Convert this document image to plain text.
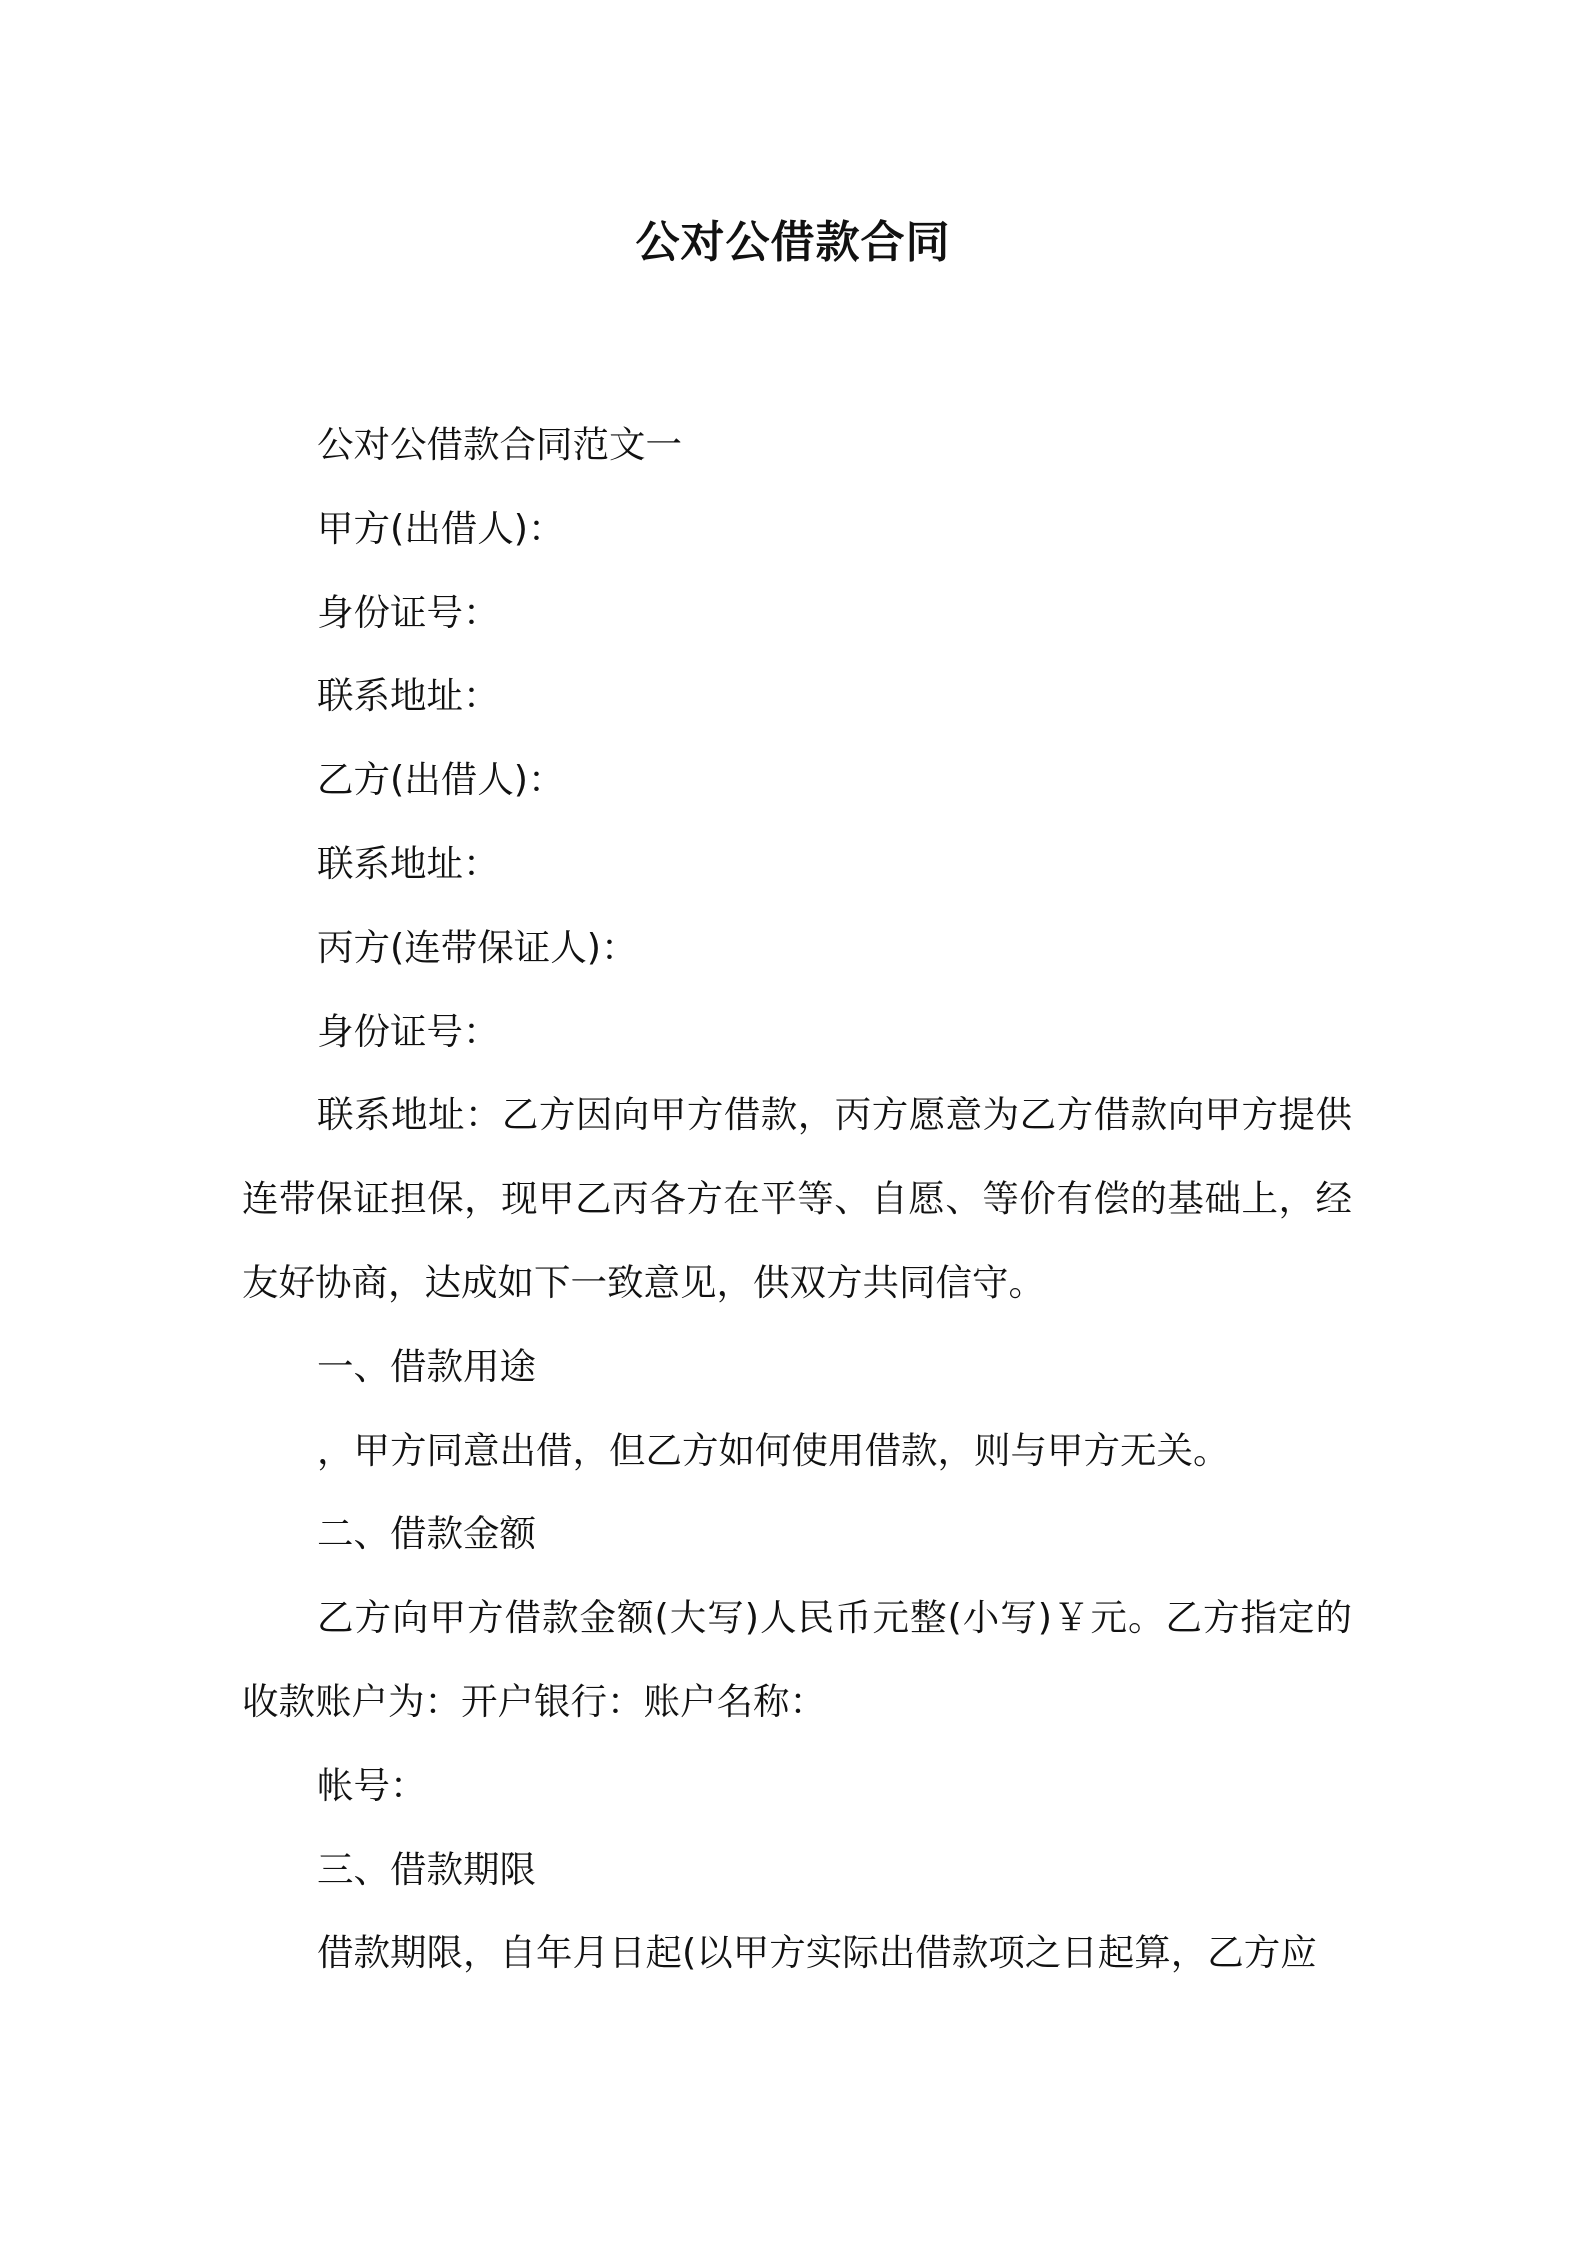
公对公借款合同

公对公借款合同范文一

甲方(出借人)：

身份证号：

联系地址：

乙方(出借人)：

联系地址：

丙方(连带保证人)：

身份证号：

联系地址：乙方因向甲方借款，丙方愿意为乙方借款向甲方提供连带保证担保，现甲乙丙各方在平等、自愿、等价有偿的基础上，经友好协商，达成如下一致意见，供双方共同信守。

一、借款用途

，甲方同意出借，但乙方如何使用借款，则与甲方无关。

二、借款金额

乙方向甲方借款金额(大写)人民币元整(小写)￥元。乙方指定的收款账户为：开户银行：账户名称：

帐号：

三、借款期限

借款期限，自年月日起(以甲方实际出借款项之日起算，乙方应
